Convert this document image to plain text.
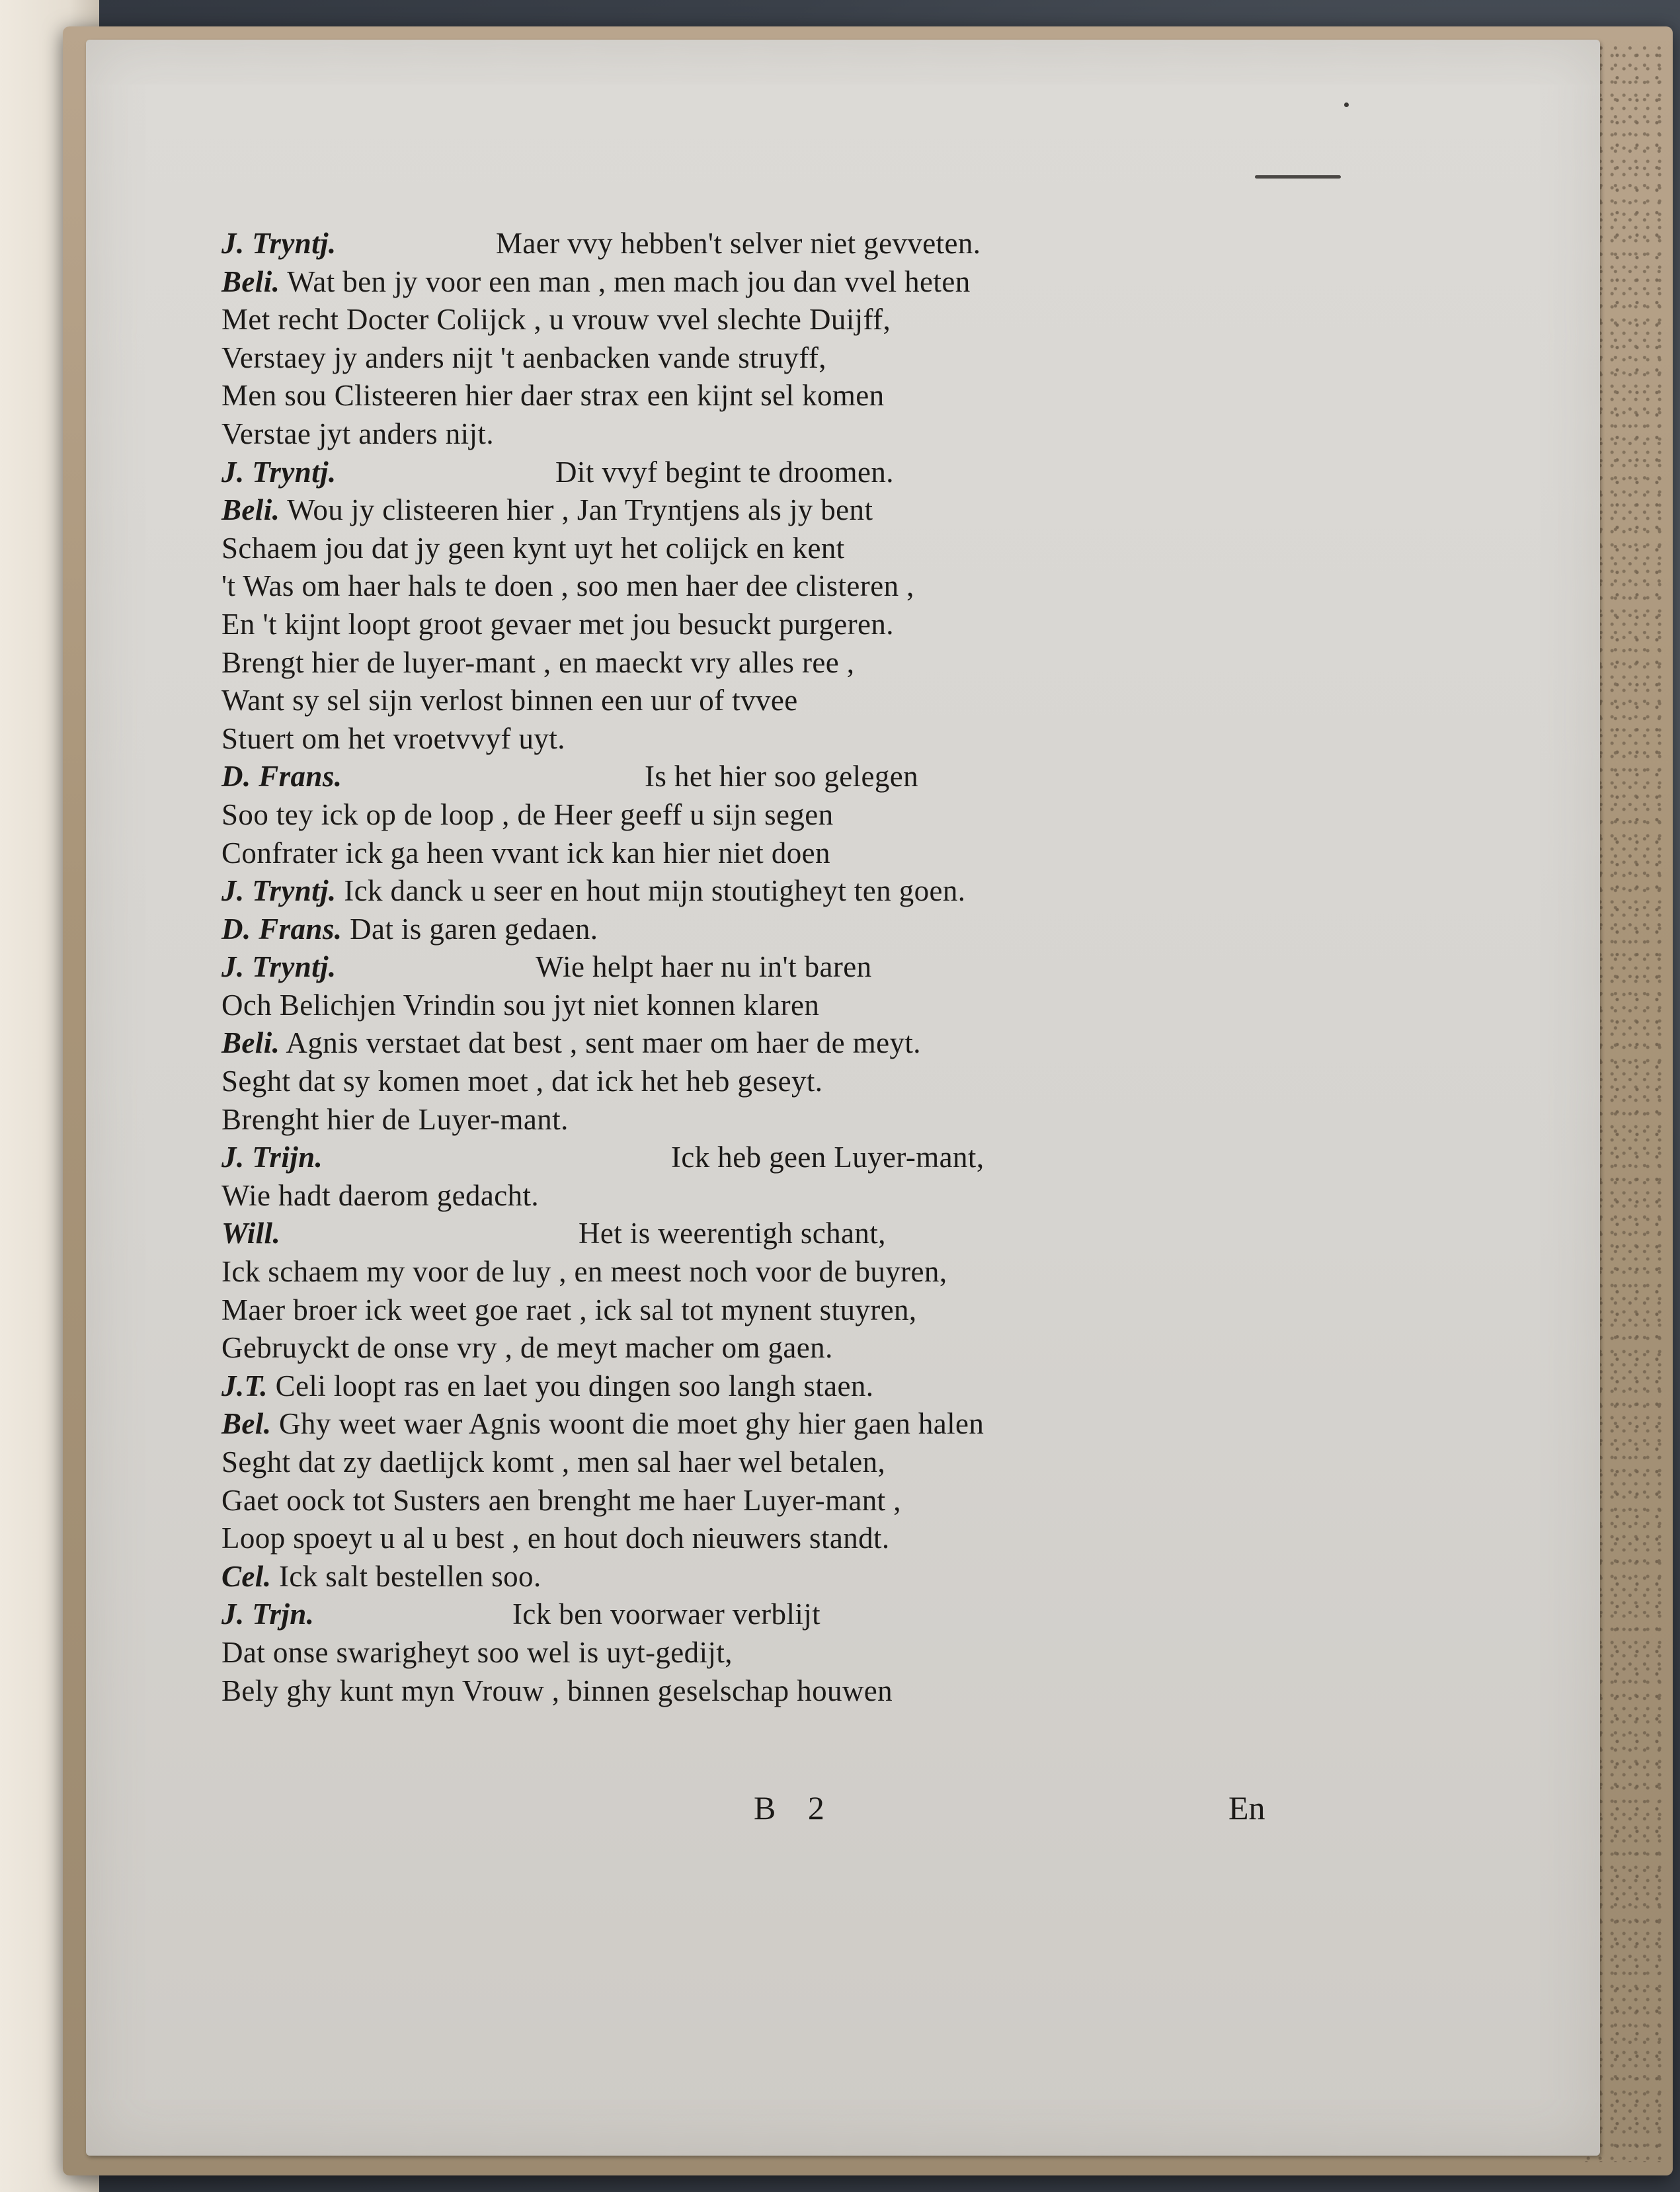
J. Tryntj.	Maer vvy hebben't selver niet gevveten.
Beli. Wat ben jy voor een man , men mach jou dan vvel heten
Met recht Docter Colijck , u vrouw vvel slechte Duijff,
Verstaey jy anders nijt 't aenbacken vande struyff,
Men sou Clisteeren hier daer strax een kijnt sel komen
Verstae jyt anders nijt.
J. Tryntj.	Dit vvyf begint te droomen.
Beli. Wou jy clisteeren hier , Jan Tryntjens als jy bent
Schaem jou dat jy geen kynt uyt het colijck en kent
't Was om haer hals te doen , soo men haer dee clisteren ,
En 't kijnt loopt groot gevaer met jou besuckt purgeren.
Brengt hier de luyer-mant , en maeckt vry alles ree ,
Want sy sel sijn verlost binnen een uur of tvvee
Stuert om het vroetvvyf uyt.
D. Frans.	Is het hier soo gelegen
Soo tey ick op de loop , de Heer geeff u sijn segen
Confrater ick ga heen vvant ick kan hier niet doen
J. Tryntj. Ick danck u seer en hout mijn stoutigheyt ten goen.
D. Frans. Dat is garen gedaen.
J. Tryntj.	Wie helpt haer nu in't baren
Och Belichjen Vrindin sou jyt niet konnen klaren
Beli. Agnis verstaet dat best , sent maer om haer de meyt.
Seght dat sy komen moet , dat ick het heb geseyt.
Brenght hier de Luyer-mant.
J. Trijn.	Ick heb geen Luyer-mant,
Wie hadt daerom gedacht.
Will.	Het is weerentigh schant,
Ick schaem my voor de luy , en meest noch voor de buyren,
Maer broer ick weet goe raet , ick sal tot mynent stuyren,
Gebruyckt de onse vry , de meyt macher om gaen.
J.T. Celi loopt ras en laet you dingen soo langh staen.
Bel. Ghy weet waer Agnis woont die moet ghy hier gaen halen
Seght dat zy daetlijck komt , men sal haer wel betalen,
Gaet oock tot Susters aen brenght me haer Luyer-mant ,
Loop spoeyt u al u best , en hout doch nieuwers standt.
Cel. Ick salt bestellen soo.
J. Trjn.	Ick ben voorwaer verblijt
Dat onse swarigheyt soo wel is uyt-gedijt,
Bely ghy kunt myn Vrouw , binnen geselschap houwen
B 2	En
